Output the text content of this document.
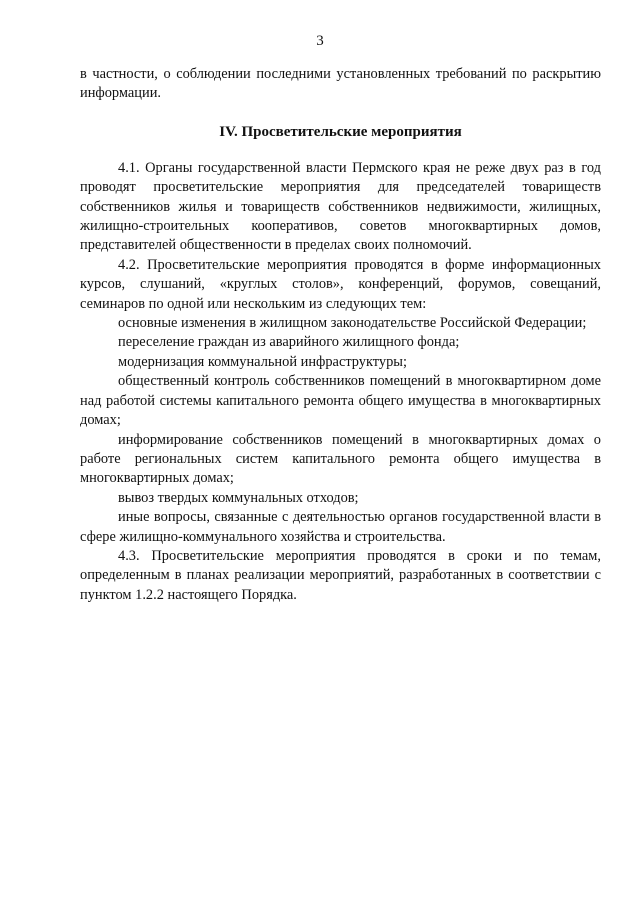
3

в частности, о соблюдении последними установленных требований по раскрытию информации.

IV. Просветительские мероприятия

4.1. Органы государственной власти Пермского края не реже двух раз в год проводят просветительские мероприятия для председателей товариществ собственников жилья и товариществ собственников недвижимости, жилищных, жилищно-строительных кооперативов, советов многоквартирных домов, представителей общественности в пределах своих полномочий.

4.2. Просветительские мероприятия проводятся в форме информационных курсов, слушаний, «круглых столов», конференций, форумов, совещаний, семинаров по одной или нескольким из следующих тем:

основные изменения в жилищном законодательстве Российской Федерации;

переселение граждан из аварийного жилищного фонда;

модернизация коммунальной инфраструктуры;

общественный контроль собственников помещений в многоквартирном доме над работой системы капитального ремонта общего имущества в многоквартирных домах;

информирование собственников помещений в многоквартирных домах о работе региональных систем капитального ремонта общего имущества в многоквартирных домах;

вывоз твердых коммунальных отходов;

иные вопросы, связанные с деятельностью органов государственной власти в сфере жилищно-коммунального хозяйства и строительства.

4.3. Просветительские мероприятия проводятся в сроки и по темам, определенным в планах реализации мероприятий, разработанных в соответствии с пунктом 1.2.2 настоящего Порядка.
